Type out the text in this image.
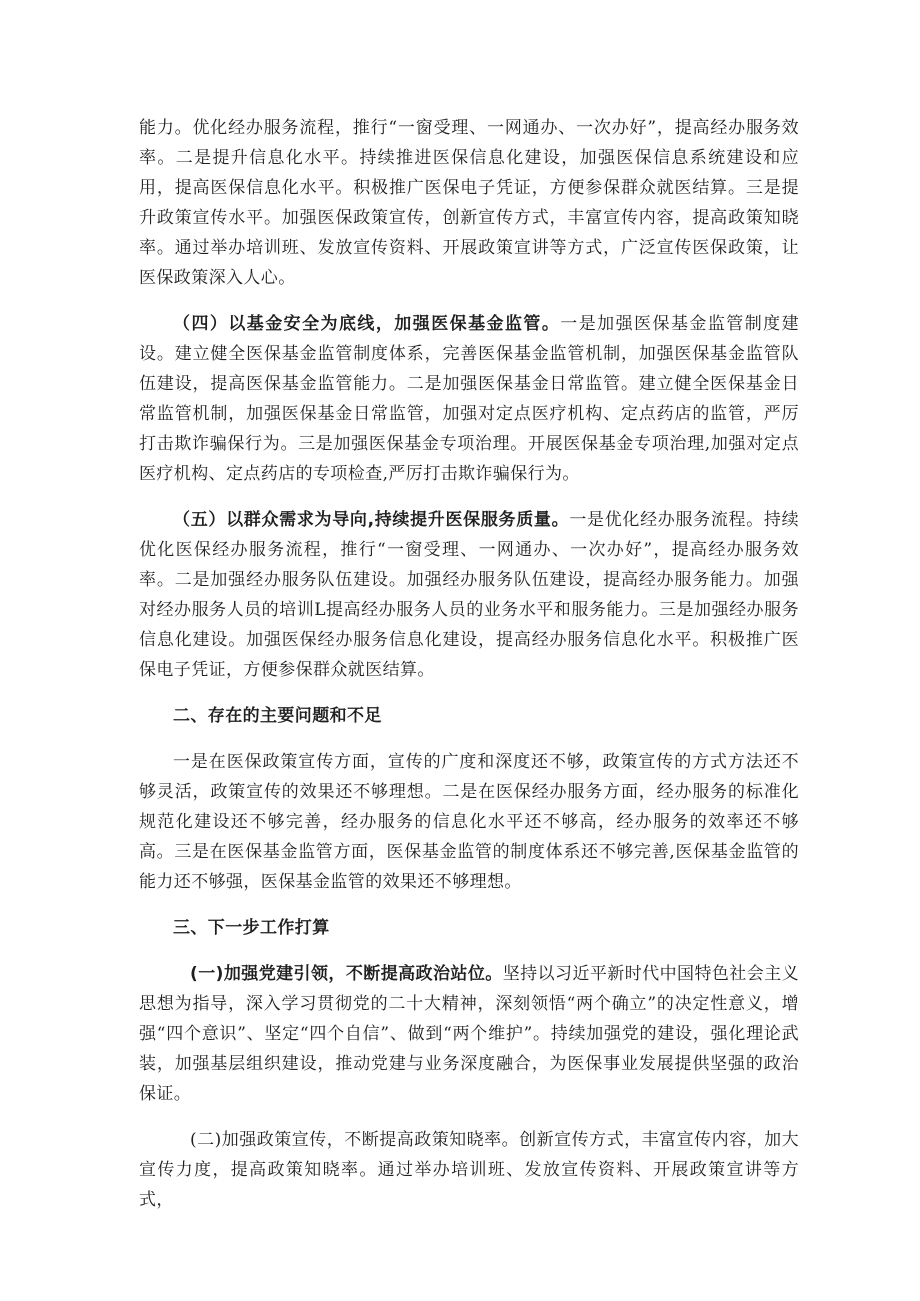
能力。优化经办服务流程，推行“一窗受理、一网通办、一次办好”，提高经办服务效率。二是提升信息化水平。持续推进医保信息化建设，加强医保信息系统建设和应用，提高医保信息化水平。积极推广医保电子凭证，方便参保群众就医结算。三是提升政策宣传水平。加强医保政策宣传，创新宣传方式，丰富宣传内容，提高政策知晓率。通过举办培训班、发放宣传资料、开展政策宣讲等方式，广泛宣传医保政策，让医保政策深入人心。

（四）以基金安全为底线，加强医保基金监管。一是加强医保基金监管制度建设。建立健全医保基金监管制度体系，完善医保基金监管机制，加强医保基金监管队伍建设，提高医保基金监管能力。二是加强医保基金日常监管。建立健全医保基金日常监管机制，加强医保基金日常监管，加强对定点医疗机构、定点药店的监管，严厉打击欺诈骗保行为。三是加强医保基金专项治理。开展医保基金专项治理,加强对定点医疗机构、定点药店的专项检查,严厉打击欺诈骗保行为。

（五）以群众需求为导向,持续提升医保服务质量。一是优化经办服务流程。持续优化医保经办服务流程，推行“一窗受理、一网通办、一次办好”，提高经办服务效率。二是加强经办服务队伍建设。加强经办服务队伍建设，提高经办服务能力。加强对经办服务人员的培训L提高经办服务人员的业务水平和服务能力。三是加强经办服务信息化建设。加强医保经办服务信息化建设，提高经办服务信息化水平。积极推广医保电子凭证，方便参保群众就医结算。

二、存在的主要问题和不足

一是在医保政策宣传方面，宣传的广度和深度还不够，政策宣传的方式方法还不够灵活，政策宣传的效果还不够理想。二是在医保经办服务方面，经办服务的标准化规范化建设还不够完善，经办服务的信息化水平还不够高，经办服务的效率还不够高。三是在医保基金监管方面，医保基金监管的制度体系还不够完善,医保基金监管的能力还不够强，医保基金监管的效果还不够理想。

三、下一步工作打算

(一)加强党建引领，不断提高政治站位。坚持以习近平新时代中国特色社会主义思想为指导，深入学习贯彻党的二十大精神，深刻领悟“两个确立”的决定性意义，增强“四个意识”、坚定“四个自信”、做到“两个维护”。持续加强党的建设，强化理论武装，加强基层组织建设，推动党建与业务深度融合，为医保事业发展提供坚强的政治保证。

(二)加强政策宣传，不断提高政策知晓率。创新宣传方式，丰富宣传内容，加大宣传力度，提高政策知晓率。通过举办培训班、发放宣传资料、开展政策宣讲等方式，
